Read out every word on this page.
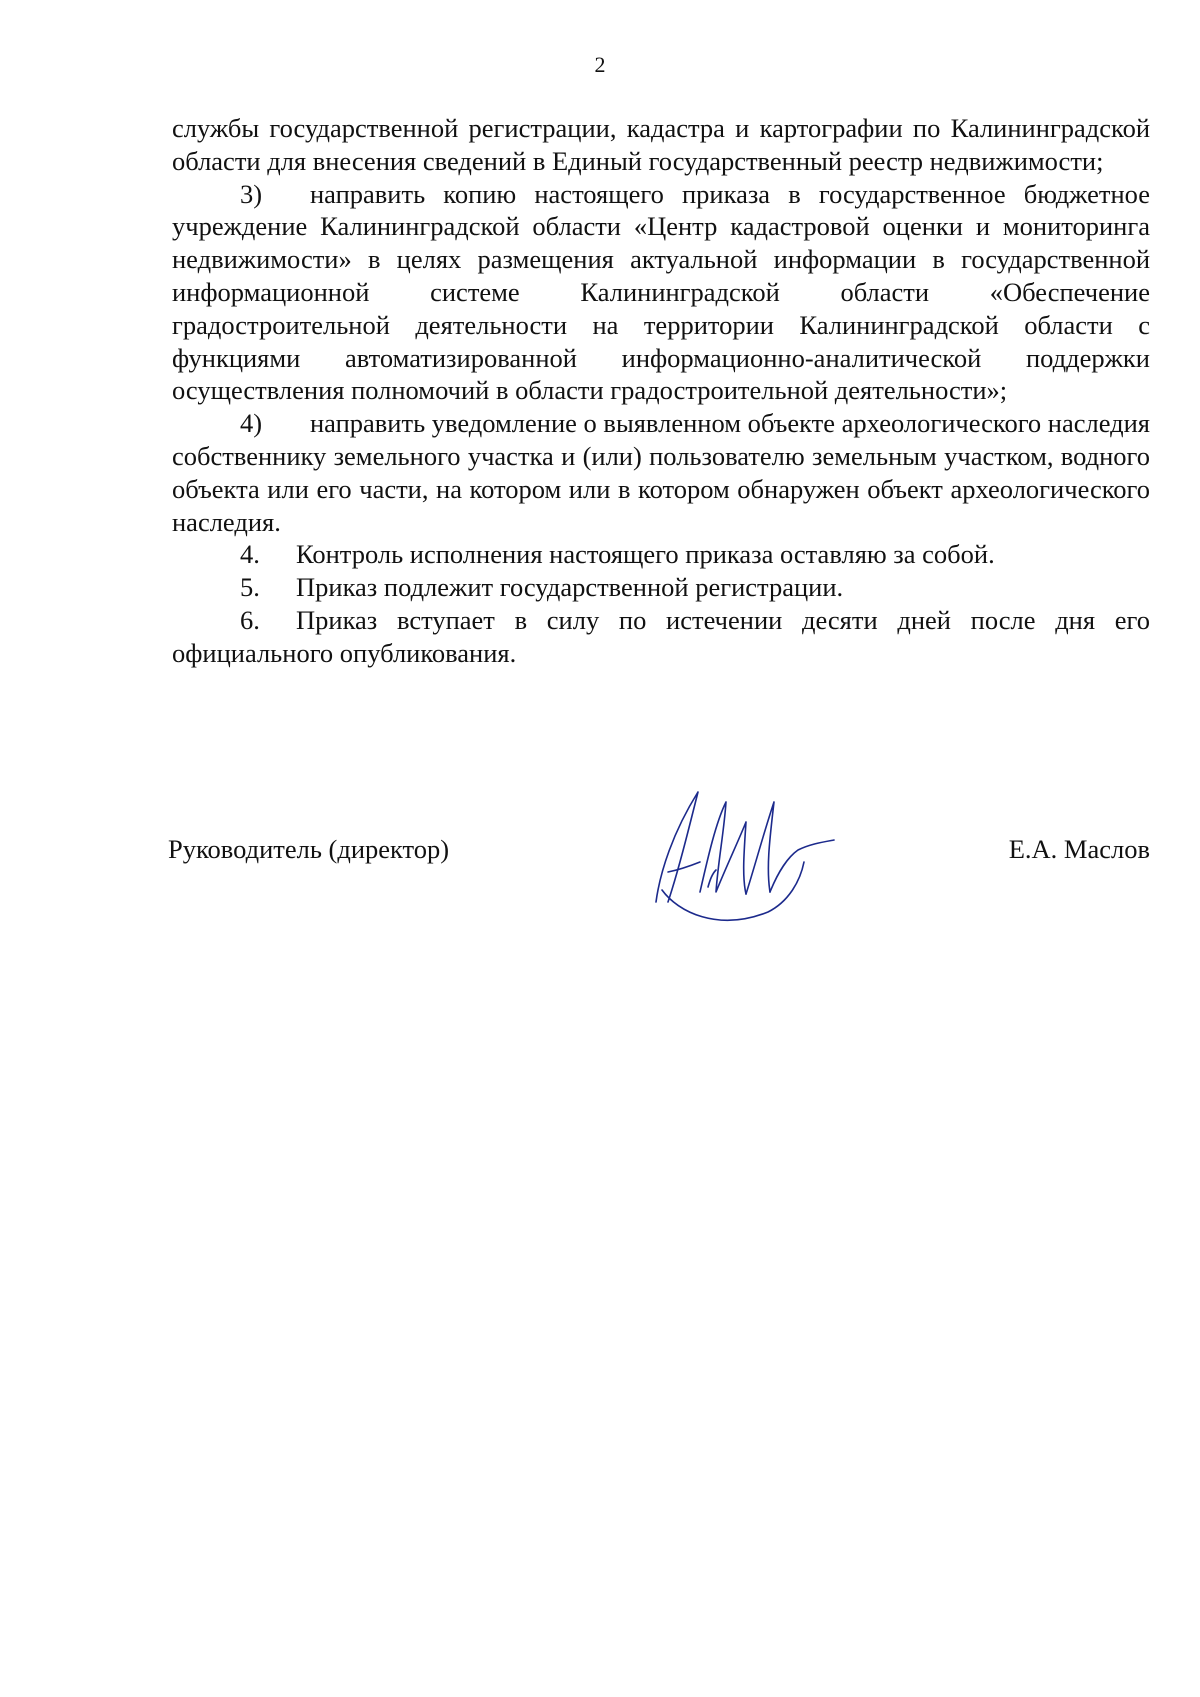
2

службы государственной регистрации, кадастра и картографии по Калининградской области для внесения сведений в Единый государственный реестр недвижимости;

3) направить копию настоящего приказа в государственное бюджетное учреждение Калининградской области «Центр кадастровой оценки и мониторинга недвижимости» в целях размещения актуальной информации в государственной информационной системе Калининградской области «Обеспечение градостроительной деятельности на территории Калининградской области с функциями автоматизированной информационно-аналитической поддержки осуществления полномочий в области градостроительной деятельности»;

4) направить уведомление о выявленном объекте археологического наследия собственнику земельного участка и (или) пользователю земельным участком, водного объекта или его части, на котором или в котором обнаружен объект археологического наследия.

4. Контроль исполнения настоящего приказа оставляю за собой.

5. Приказ подлежит государственной регистрации.

6. Приказ вступает в силу по истечении десяти дней после дня его официального опубликования.

Руководитель (директор)	Е.А. Маслов
